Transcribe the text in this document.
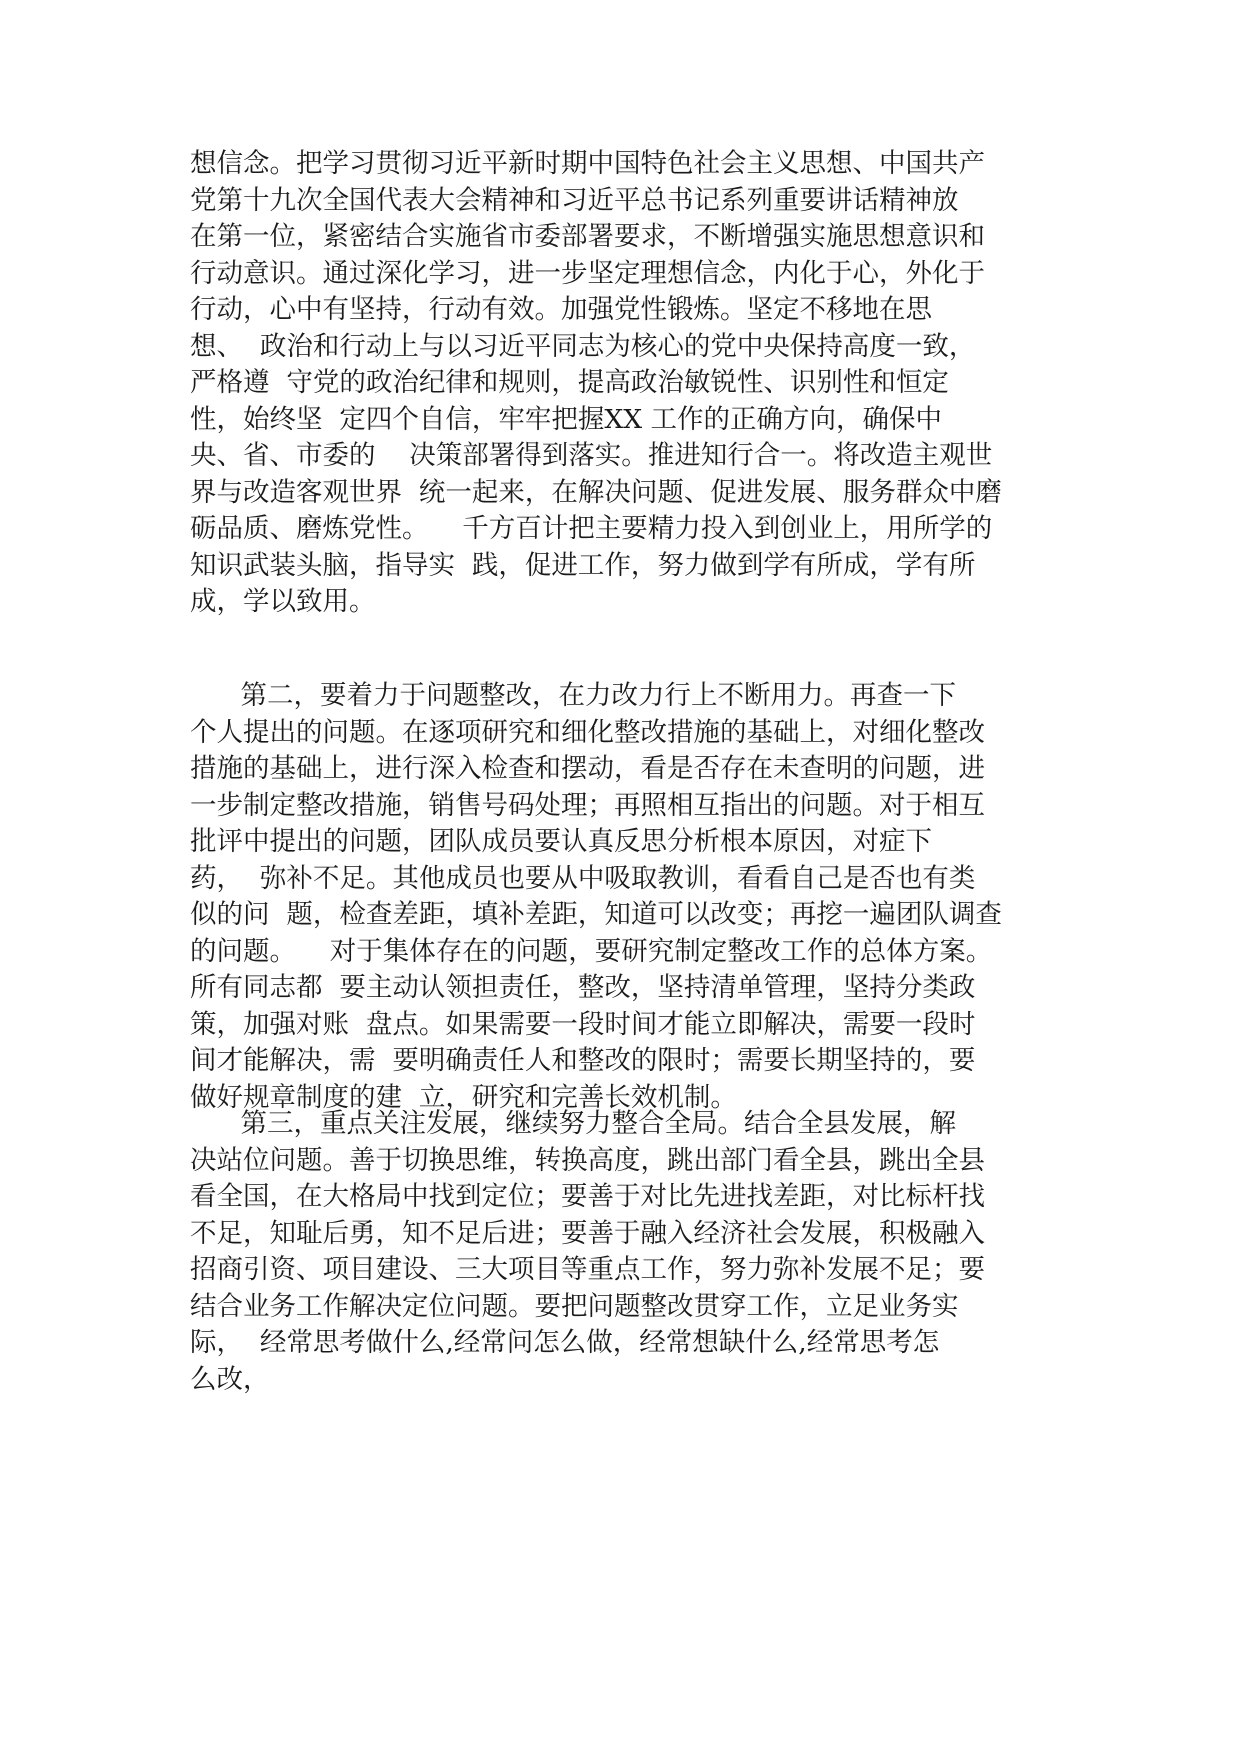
想信念。把学习贯彻习近平新时期中国特色社会主义思想、中国共产
党第十九次全国代表大会精神和习近平总书记系列重要讲话精神放
在第一位，紧密结合实施省市委部署要求，不断增强实施思想意识和
行动意识。通过深化学习，进一步坚定理想信念，内化于心，外化于
行动，心中有坚持，行动有效。加强党性锻炼。坚定不移地在思
想、  政治和行动上与以习近平同志为核心的党中央保持高度一致，
严格遵  守党的政治纪律和规则，提高政治敏锐性、识别性和恒定
性，始终坚  定四个自信，牢牢把握XX 工作的正确方向，确保中
央、省、市委的    决策部署得到落实。推进知行合一。将改造主观世
界与改造客观世界  统一起来，在解决问题、促进发展、服务群众中磨
砺品质、磨炼党性。    千方百计把主要精力投入到创业上，用所学的
知识武装头脑，指导实  践，促进工作，努力做到学有所成，学有所
成，学以致用。
第二，要着力于问题整改，在力改力行上不断用力。再查一下
个人提出的问题。在逐项研究和细化整改措施的基础上，对细化整改
措施的基础上，进行深入检查和摆动，看是否存在未查明的问题，进
一步制定整改措施，销售号码处理；再照相互指出的问题。对于相互
批评中提出的问题，团队成员要认真反思分析根本原因，对症下
药，  弥补不足。其他成员也要从中吸取教训，看看自己是否也有类
似的问  题，检查差距，填补差距，知道可以改变；再挖一遍团队调查
的问题。    对于集体存在的问题，要研究制定整改工作的总体方案。
所有同志都  要主动认领担责任，整改，坚持清单管理，坚持分类政
策，加强对账  盘点。如果需要一段时间才能立即解决，需要一段时
间才能解决，需  要明确责任人和整改的限时；需要长期坚持的，要
做好规章制度的建  立，研究和完善长效机制。
第三，重点关注发展，继续努力整合全局。结合全县发展，解
决站位问题。善于切换思维，转换高度，跳出部门看全县，跳出全县
看全国，在大格局中找到定位；要善于对比先进找差距，对比标杆找
不足，知耻后勇，知不足后进；要善于融入经济社会发展，积极融入
招商引资、项目建设、三大项目等重点工作，努力弥补发展不足；要
结合业务工作解决定位问题。要把问题整改贯穿工作，立足业务实
际，  经常思考做什么,经常问怎么做，经常想缺什么,经常思考怎
么改，
